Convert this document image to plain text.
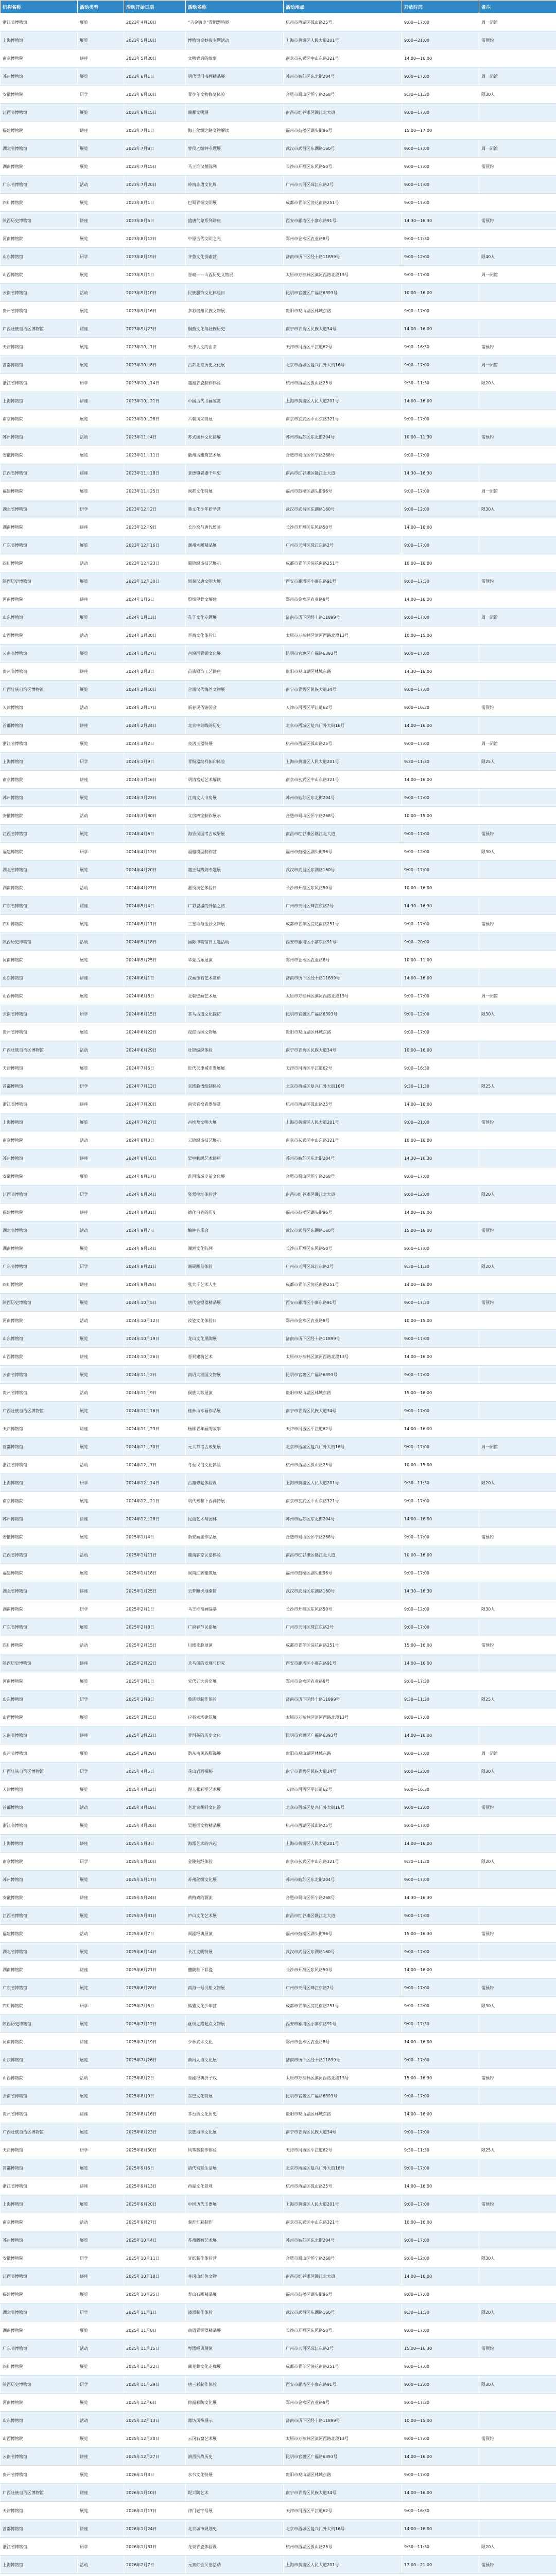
机构名称	活动类型	活动开始日期	活动名称	活动地点	开放时间	备注
浙江省博物馆	展览	2023年4月18日	“吉金铸史”青铜器特展	杭州市西湖区孤山路25号	9:00—17:00	周一闭馆
上海博物馆	展览	2023年5月18日	博物馆奇妙夜主题活动	上海市黄浦区人民大道201号	9:00—21:00	需预约
南京博物院	讲座	2023年5月20日	文物背后的故事	南京市玄武区中山东路321号	14:00—16:00	
苏州博物馆	展览	2023年6月1日	明代吴门书画精品展	苏州市姑苏区东北街204号	9:00—17:00	周一闭馆
安徽博物院	研学	2023年6月10日	青少年文物修复体验	合肥市蜀山区怀宁路268号	9:30—11:30	限30人
江西省博物馆	展览	2023年6月15日	赣鄱文明展	南昌市红谷滩区赣江北大道	9:00—17:00	
福建博物院	讲座	2023年7月1日	海上丝绸之路文物解读	福州市鼓楼区湖头街96号	15:00—17:00	
湖北省博物馆	展览	2023年7月8日	曾侯乙编钟专题展	武汉市武昌区东湖路160号	9:00—17:00	周一闭馆
湖南博物院	展览	2023年7月15日	马王堆汉墓陈列	长沙市开福区东风路50号	9:00—17:00	需预约
广东省博物馆	活动	2023年7月20日	岭南非遗文化周	广州市天河区珠江东路2号	9:00—17:00	
四川博物院	展览	2023年8月1日	巴蜀青铜文明展	成都市青羊区浣花南路251号	9:00—17:00	
陕西历史博物馆	讲座	2023年8月5日	盛唐气象系列讲座	西安市雁塔区小寨东路91号	14:30—16:30	需预约
河南博物院	展览	2023年8月12日	中原古代文明之光	郑州市金水区农业路8号	9:00—17:30	
山东博物馆	研学	2023年8月19日	齐鲁文化探索营	济南市历下区经十路11899号	9:00—12:00	限40人
山西博物院	展览	2023年9月1日	晋魂——山西历史文物展	太原市万柏林区滨河西路北段13号	9:00—17:00	周一闭馆
云南省博物馆	活动	2023年9月10日	民族服饰文化体验日	昆明市官渡区广福路6393号	10:00—16:00	
贵州省博物馆	展览	2023年9月16日	多彩贵州民族文物展	贵阳市观山湖区林城东路	9:00—17:00	
广西壮族自治区博物馆	讲座	2023年9月23日	铜鼓文化与壮族历史	南宁市青秀区民族大道34号	14:00—16:00	
天津博物馆	展览	2023年10月1日	天津人文的由来	天津市河西区平江道62号	9:00—16:30	需预约
首都博物馆	展览	2023年10月8日	古都北京历史文化展	北京市西城区复兴门外大街16号	9:00—17:00	周一闭馆
浙江省博物馆	研学	2023年10月14日	越窑青瓷制作体验	杭州市西湖区孤山路25号	9:30—11:30	限20人
上海博物馆	讲座	2023年10月21日	中国古代书画鉴赏	上海市黄浦区人民大道201号	14:00—16:00	
南京博物院	展览	2023年10月28日	六朝风采特展	南京市玄武区中山东路321号	9:00—17:00	
苏州博物馆	活动	2023年11月4日	苏式园林文化讲解	苏州市姑苏区东北街204号	10:00—11:30	需预约
安徽博物院	展览	2023年11月11日	徽州古建筑艺术展	合肥市蜀山区怀宁路268号	9:00—17:00	
江西省博物馆	讲座	2023年11月18日	景德镇瓷器千年史	南昌市红谷滩区赣江北大道	14:30—16:30	
福建博物院	展览	2023年11月25日	闽都文化特展	福州市鼓楼区湖头街96号	9:00—17:00	周一闭馆
湖北省博物馆	研学	2023年12月2日	楚文化少年研学营	武汉市武昌区东湖路160号	9:00—12:00	限30人
湖南博物院	讲座	2023年12月9日	长沙窑与唐代贸易	长沙市开福区东风路50号	14:00—16:00	
广东省博物馆	展览	2023年12月16日	潮州木雕精品展	广州市天河区珠江东路2号	9:00—17:00	
四川博物院	活动	2023年12月23日	蜀锦织造技艺展示	成都市青羊区浣花南路251号	10:00—16:00	
陕西历史博物馆	展览	2023年12月30日	周秦汉唐文明大展	西安市雁塔区小寨东路91号	9:00—17:30	需预约
河南博物院	讲座	2024年1月6日	殷墟甲骨文解读	郑州市金水区农业路8号	14:00—16:00	
山东博物馆	展览	2024年1月13日	孔子文化专题展	济南市历下区经十路11899号	9:00—17:00	周一闭馆
山西博物院	活动	2024年1月20日	晋商文化体验日	太原市万柏林区滨河西路北段13号	10:00—15:00	
云南省博物馆	展览	2024年1月27日	古滇国青铜文化展	昆明市官渡区广福路6393号	9:00—17:00	
贵州省博物馆	讲座	2024年2月3日	苗族银饰工艺讲座	贵阳市观山湖区林城东路	14:30—16:00	
广西壮族自治区博物馆	展览	2024年2月10日	合浦汉代海丝文物展	南宁市青秀区民族大道34号	9:00—17:00	
天津博物馆	活动	2024年2月17日	新春民俗游园会	天津市河西区平江道62号	9:00—16:30	需预约
首都博物馆	讲座	2024年2月24日	北京中轴线的历史	北京市西城区复兴门外大街16号	14:00—16:00	
浙江省博物馆	展览	2024年3月2日	良渚玉器特展	杭州市西湖区孤山路25号	9:00—17:00	周一闭馆
上海博物馆	研学	2024年3月9日	青铜器纹样拓印体验	上海市黄浦区人民大道201号	9:30—11:30	限25人
南京博物院	讲座	2024年3月16日	明清宫廷艺术解读	南京市玄武区中山东路321号	14:00—16:00	
苏州博物馆	展览	2024年3月23日	江南文人书房展	苏州市姑苏区东北街204号	9:00—17:00	
安徽博物院	活动	2024年3月30日	文房四宝制作展示	合肥市蜀山区怀宁路268号	10:00—15:00	
江西省博物馆	展览	2024年4月6日	海昏侯国考古成果展	南昌市红谷滩区赣江北大道	9:00—17:00	需预约
福建博物院	研学	2024年4月13日	福船模型制作营	福州市鼓楼区湖头街96号	9:00—12:00	限30人
湖北省博物馆	展览	2024年4月20日	越王勾践剑专题展	武汉市武昌区东湖路160号	9:00—17:00	
湖南博物院	活动	2024年4月27日	湘绣技艺体验日	长沙市开福区东风路50号	10:00—16:00	
广东省博物馆	讲座	2024年5月4日	广彩瓷器的外销之路	广州市天河区珠江东路2号	14:30—16:30	
四川博物院	展览	2024年5月11日	三星堆与金沙文物展	成都市青羊区浣花南路251号	9:00—17:00	需预约
陕西历史博物馆	活动	2024年5月18日	国际博物馆日主题活动	西安市雁塔区小寨东路91号	9:00—20:00	
河南博物院	展览	2024年5月25日	华夏古乐展演	郑州市金水区农业路8号	10:00—11:00	
山东博物馆	讲座	2024年6月1日	汉画像石艺术赏析	济南市历下区经十路11899号	14:00—16:00	
山西博物院	展览	2024年6月8日	北朝壁画艺术展	太原市万柏林区滨河西路北段13号	9:00—17:00	周一闭馆
云南省博物馆	研学	2024年6月15日	茶马古道文化探访	昆明市官渡区广福路6393号	9:00—12:00	限30人
贵州省博物馆	展览	2024年6月22日	夜郎古国文物展	贵阳市观山湖区林城东路	9:00—17:00	
广西壮族自治区博物馆	活动	2024年6月29日	壮锦编织体验	南宁市青秀区民族大道34号	10:00—16:00	
天津博物馆	展览	2024年7月6日	近代天津城市发展展	天津市河西区平江道62号	9:00—16:30	
首都博物馆	研学	2024年7月13日	京剧脸谱绘制体验	北京市西城区复兴门外大街16号	9:30—11:30	限25人
浙江省博物馆	讲座	2024年7月20日	南宋官窑瓷器鉴赏	杭州市西湖区孤山路25号	14:00—16:00	
上海博物馆	展览	2024年7月27日	古埃及文明大展	上海市黄浦区人民大道201号	9:00—21:00	需预约
南京博物院	活动	2024年8月3日	云锦织造技艺展示	南京市玄武区中山东路321号	10:00—16:00	
苏州博物馆	讲座	2024年8月10日	吴中刺绣艺术讲座	苏州市姑苏区东北街204号	14:30—16:30	
安徽博物院	展览	2024年8月17日	淮河流域史前文化展	合肥市蜀山区怀宁路268号	9:00—17:00	
江西省博物馆	研学	2024年8月24日	瓷器拉坯体验营	南昌市红谷滩区赣江北大道	9:00—12:00	限20人
福建博物院	讲座	2024年8月31日	德化白瓷的历史	福州市鼓楼区湖头街96号	14:00—16:00	
湖北省博物馆	活动	2024年9月7日	编钟音乐会	武汉市武昌区东湖路160号	15:00—16:00	需预约
湖南博物院	展览	2024年9月14日	湖湘文化陈列	长沙市开福区东风路50号	9:00—17:00	
广东省博物馆	研学	2024年9月21日	端砚雕刻体验	广州市天河区珠江东路2号	9:30—11:30	限20人
四川博物院	讲座	2024年9月28日	张大千艺术人生	成都市青羊区浣花南路251号	14:00—16:00	
陕西历史博物馆	展览	2024年10月5日	唐代金银器精品展	西安市雁塔区小寨东路91号	9:00—17:30	需预约
河南博物院	活动	2024年10月12日	汝瓷文化体验日	郑州市金水区农业路8号	10:00—15:00	
山东博物馆	展览	2024年10月19日	龙山文化黑陶展	济南市历下区经十路11899号	9:00—17:00	
山西博物院	讲座	2024年10月26日	晋祠建筑艺术	太原市万柏林区滨河西路北段13号	14:00—16:00	
云南省博物馆	展览	2024年11月2日	南诏大理国文物展	昆明市官渡区广福路6393号	9:00—17:00	
贵州省博物馆	活动	2024年11月9日	侗族大歌展演	贵阳市观山湖区林城东路	15:00—16:00	
广西壮族自治区博物馆	展览	2024年11月16日	桂林山水画作品展	南宁市青秀区民族大道34号	9:00—17:00	
天津博物馆	讲座	2024年11月23日	杨柳青年画的故事	天津市河西区平江道62号	14:00—16:00	
首都博物馆	展览	2024年11月30日	元大都考古成果展	北京市西城区复兴门外大街16号	9:00—17:00	周一闭馆
浙江省博物馆	活动	2024年12月7日	冬至民俗文化体验	杭州市西湖区孤山路25号	10:00—15:00	
上海博物馆	研学	2024年12月14日	古籍修复体验课	上海市黄浦区人民大道201号	9:30—11:30	限20人
南京博物院	展览	2024年12月21日	明代郑和下西洋特展	南京市玄武区中山东路321号	9:00—17:00	
苏州博物馆	讲座	2024年12月28日	昆曲艺术与园林	苏州市姑苏区东北街204号	14:00—16:00	
安徽博物院	展览	2025年1月4日	新安画派作品展	合肥市蜀山区怀宁路268号	9:00—17:00	需预约
江西省博物馆	活动	2025年1月11日	赣南客家民俗体验	南昌市红谷滩区赣江北大道	10:00—16:00	
福建博物院	展览	2025年1月18日	闽南红砖建筑展	福州市鼓楼区湖头街96号	9:00—17:00	
湖北省博物馆	讲座	2025年1月25日	云梦睡虎地秦简	武汉市武昌区东湖路160号	14:30—16:30	
湖南博物院	研学	2025年2月1日	马王堆帛画临摹	长沙市开福区东风路50号	9:00—12:00	限30人
广东省博物馆	展览	2025年2月8日	广府春节民俗展	广州市天河区珠江东路2号	9:00—17:00	
四川博物院	活动	2025年2月15日	川剧变脸展演	成都市青羊区浣花南路251号	15:00—16:00	需预约
陕西历史博物馆	讲座	2025年2月22日	兵马俑的发现与研究	西安市雁塔区小寨东路91号	14:00—16:00	
河南博物院	展览	2025年3月1日	宋代五大名窑展	郑州市金水区农业路8号	9:00—17:30	
山东博物馆	研学	2025年3月8日	鲁班锁制作体验	济南市历下区经十路11899号	9:30—11:30	限25人
山西博物院	展览	2025年3月15日	应县木塔建筑展	太原市万柏林区滨河西路北段13号	9:00—17:00	
云南省博物馆	讲座	2025年3月22日	普洱茶的历史文化	昆明市官渡区广福路6393号	14:00—16:00	
贵州省博物馆	展览	2025年3月29日	黔东南民族服饰展	贵阳市观山湖区林城东路	9:00—17:00	周一闭馆
广西壮族自治区博物馆	研学	2025年4月5日	花山岩画探秘	南宁市青秀区民族大道34号	9:00—12:00	限30人
天津博物馆	展览	2025年4月12日	泥人张彩塑艺术展	天津市河西区平江道62号	9:00—16:30	
首都博物馆	活动	2025年4月19日	老北京胡同文化游	北京市西城区复兴门外大街16号	9:00—12:00	需预约
浙江省博物馆	展览	2025年4月26日	吴越国文物精品展	杭州市西湖区孤山路25号	9:00—17:00	
上海博物馆	讲座	2025年5月3日	海派艺术的兴起	上海市黄浦区人民大道201号	14:00—16:00	
南京博物院	研学	2025年5月10日	金陵刻经体验	南京市玄武区中山东路321号	9:30—11:30	限20人
苏州博物馆	展览	2025年5月17日	苏州丝绸文化展	苏州市姑苏区东北街204号	9:00—17:00	
安徽博物院	讲座	2025年5月24日	黄梅戏的源流	合肥市蜀山区怀宁路268号	14:30—16:30	
江西省博物馆	展览	2025年5月31日	庐山文化艺术展	南昌市红谷滩区赣江北大道	9:00—17:00	
福建博物院	活动	2025年6月7日	闽剧经典展演	福州市鼓楼区湖头街96号	15:00—16:30	需预约
湖北省博物馆	展览	2025年6月14日	长江文明特展	武汉市武昌区东湖路160号	9:00—17:00	
湖南博物院	讲座	2025年6月21日	醴陵釉下彩瓷	长沙市开福区东风路50号	14:00—16:00	
广东省博物馆	展览	2025年6月28日	南海一号沉船文物展	广州市天河区珠江东路2号	9:00—17:00	需预约
四川博物院	研学	2025年7月5日	熊猫文化少年营	成都市青羊区浣花南路251号	9:00—12:00	限30人
陕西历史博物馆	展览	2025年7月12日	丝绸之路起点文物展	西安市雁塔区小寨东路91号	9:00—17:30	
河南博物院	讲座	2025年7月19日	少林武术文化	郑州市金水区农业路8号	14:00—16:00	
山东博物馆	展览	2025年7月26日	黄河入海文化展	济南市历下区经十路11899号	9:00—17:00	
山西博物院	活动	2025年8月2日	晋剧经典折子戏	太原市万柏林区滨河西路北段13号	15:00—16:30	需预约
云南省博物馆	展览	2025年8月9日	东巴文化特展	昆明市官渡区广福路6393号	9:00—17:00	
贵州省博物馆	讲座	2025年8月16日	茅台酒文化历史	贵阳市观山湖区林城东路	14:00—16:00	
广西壮族自治区博物馆	展览	2025年8月23日	京族海洋文化展	南宁市青秀区民族大道34号	9:00—17:00	
天津博物馆	研学	2025年8月30日	风筝魏制作体验	天津市河西区平江道62号	9:30—11:30	限25人
首都博物馆	展览	2025年9月6日	清代宫廷生活展	北京市西城区复兴门外大街16号	9:00—17:00	
浙江省博物馆	讲座	2025年9月13日	西湖文化景观	杭州市西湖区孤山路25号	14:00—16:00	
上海博物馆	展览	2025年9月20日	中国历代玉器展	上海市黄浦区人民大道201号	9:00—17:00	需预约
南京博物院	活动	2025年9月27日	秦淮灯彩制作	南京市玄武区中山东路321号	10:00—16:00	
苏州博物馆	展览	2025年10月4日	苏州版画艺术展	苏州市姑苏区东北街204号	9:00—17:00	
安徽博物院	研学	2025年10月11日	宣纸制作体验营	合肥市蜀山区怀宁路268号	9:00—12:00	限30人
江西省博物馆	讲座	2025年10月18日	井冈山红色文物	南昌市红谷滩区赣江北大道	14:00—16:00	
福建博物院	展览	2025年10月25日	寿山石雕精品展	福州市鼓楼区湖头街96号	9:00—17:00	
湖北省博物馆	研学	2025年11月1日	漆器制作体验	武汉市武昌区东湖路160号	9:30—11:30	限20人
湖南博物院	展览	2025年11月8日	商周青铜器精品展	长沙市开福区东风路50号	9:00—17:00	
广东省博物馆	活动	2025年11月15日	粤剧经典展演	广州市天河区珠江东路2号	15:00—16:30	需预约
四川博物院	展览	2025年11月22日	藏羌彝文化走廊展	成都市青羊区浣花南路251号	9:00—17:00	
陕西历史博物馆	研学	2025年11月29日	唐三彩制作体验	西安市雁塔区小寨东路91号	9:00—12:00	限30人
河南博物院	展览	2025年12月6日	仰韶彩陶文化展	郑州市金水区农业路8号	9:00—17:30	
山东博物馆	活动	2025年12月13日	潍坊风筝展示	济南市历下区经十路11899号	10:00—15:00	
山西博物院	展览	2025年12月20日	云冈石窟艺术展	太原市万柏林区滨河西路北段13号	9:00—17:00	需预约
云南省博物馆	讲座	2025年12月27日	滇西抗战历史	昆明市官渡区广福路6393号	14:00—16:00	
贵州省博物馆	展览	2026年1月3日	水书文化特展	贵阳市观山湖区林城东路	9:00—17:00	
广西壮族自治区博物馆	讲座	2026年1月10日	坭兴陶艺术	南宁市青秀区民族大道34号	14:00—16:00	
天津博物馆	展览	2026年1月17日	津门老字号展	天津市河西区平江道62号	9:00—16:30	
首都博物馆	讲座	2026年1月24日	北京城市规划史	北京市西城区复兴门外大街16号	14:00—16:00	
浙江省博物馆	研学	2026年1月31日	龙泉青瓷体验课	杭州市西湖区孤山路25号	9:30—11:30	限20人
上海博物馆	活动	2026年2月7日	元宵灯会民俗活动	上海市黄浦区人民大道201号	17:00—21:00	需预约
